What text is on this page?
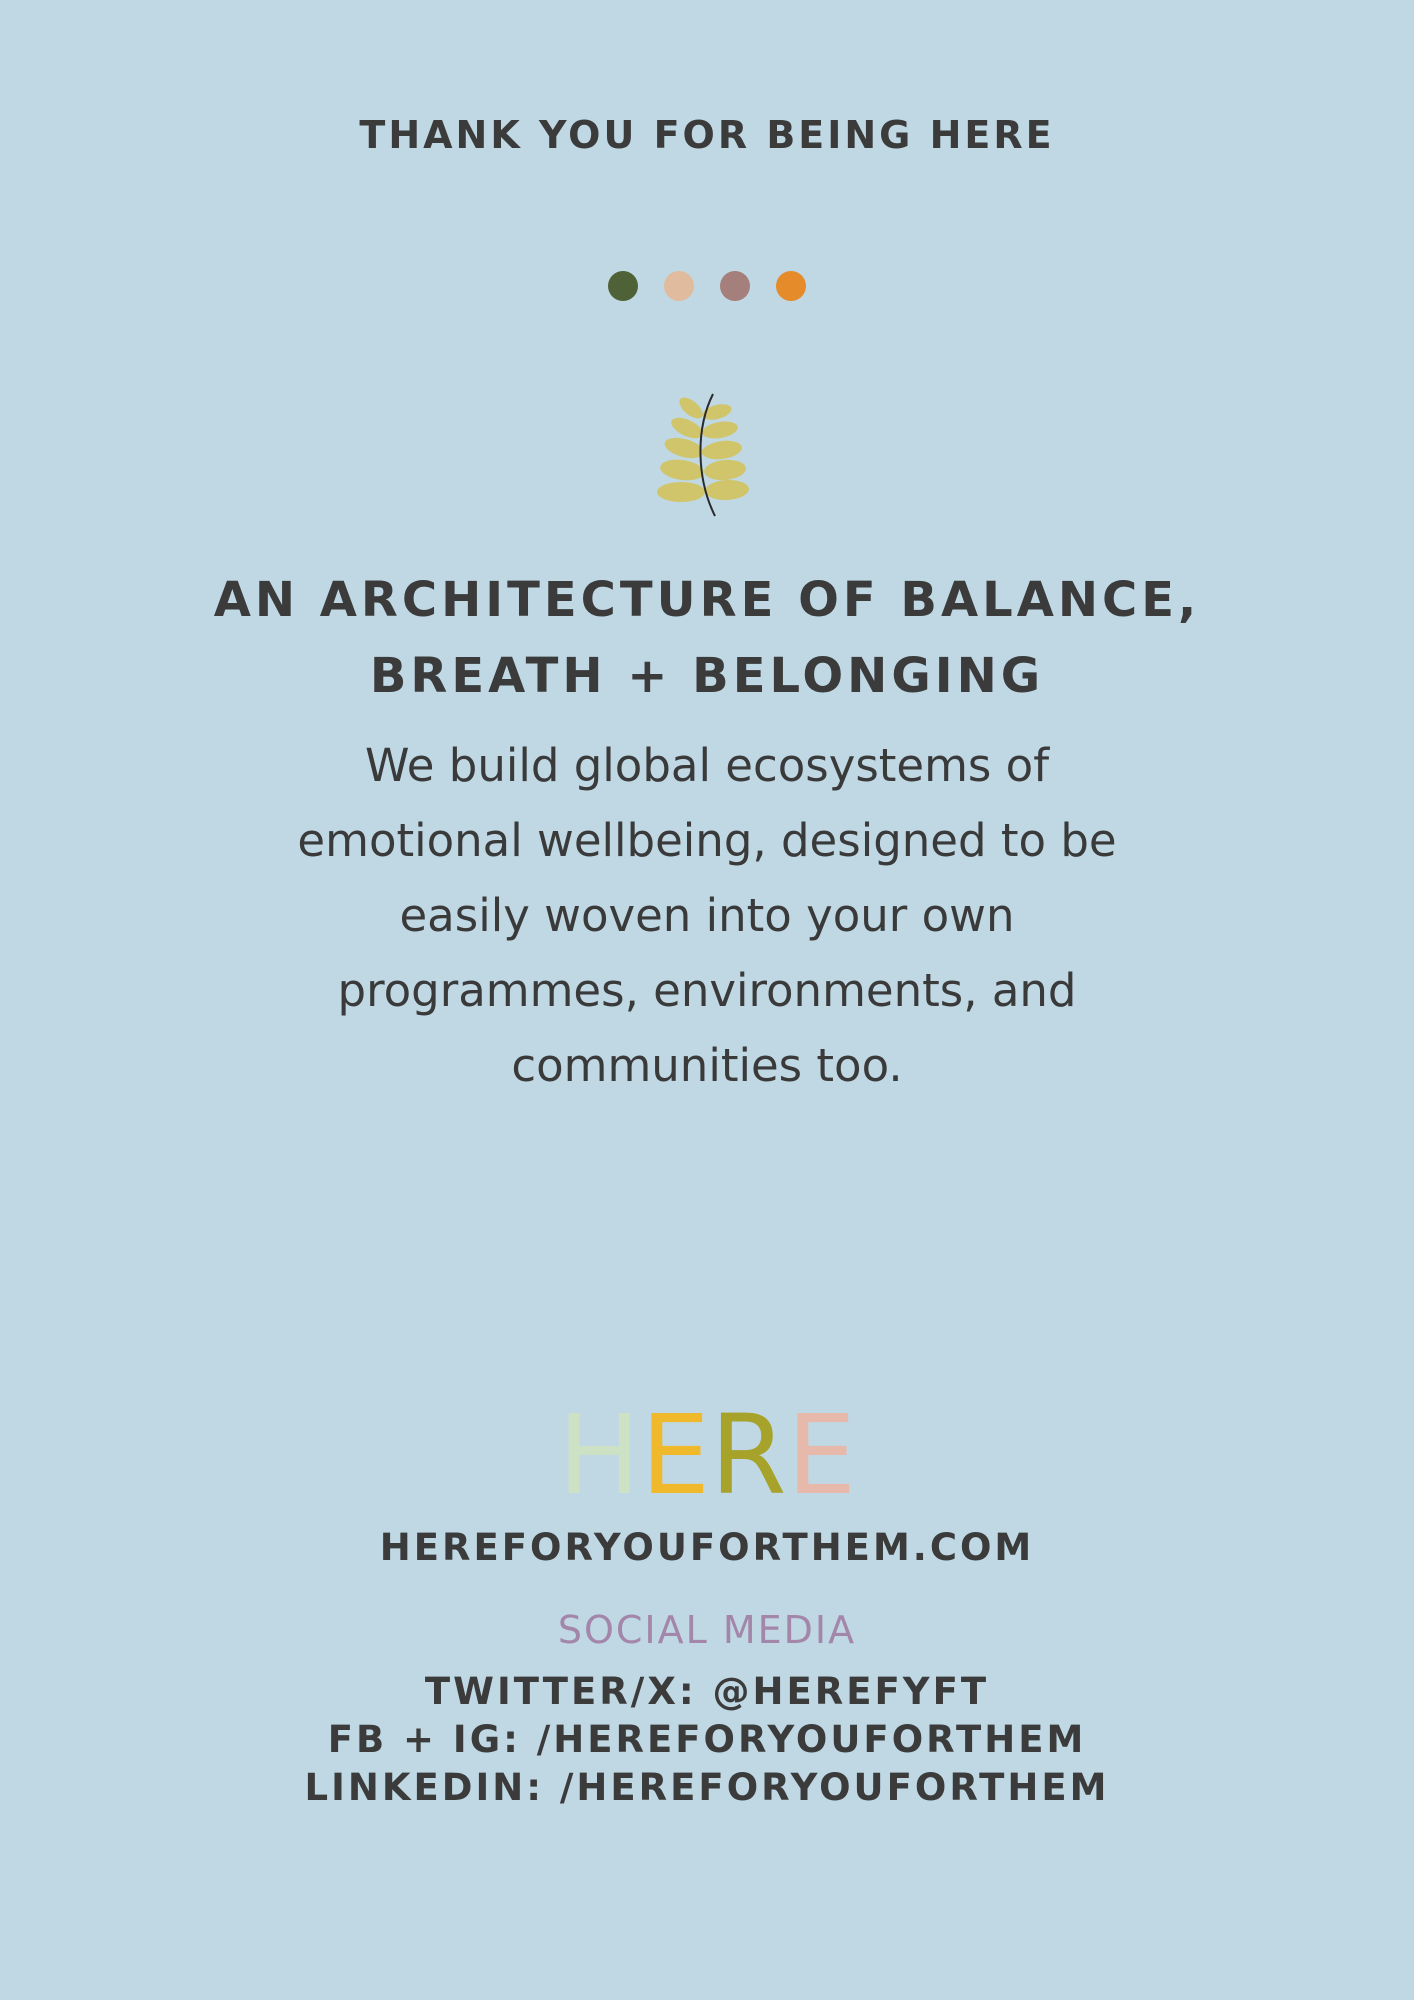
THANK YOU FOR BEING HERE
AN ARCHITECTURE OF BALANCE,
BREATH + BELONGING
We build global ecosystems of emotional wellbeing, designed to be easily woven into your own programmes, environments, and communities too.
HERE
HEREFORYOUFORTHEM.COM
SOCIAL MEDIA
TWITTER/X: @HEREFYFT
FB + IG: /HEREFORYOUFORTHEM
LINKEDIN: /HEREFORYOUFORTHEM
